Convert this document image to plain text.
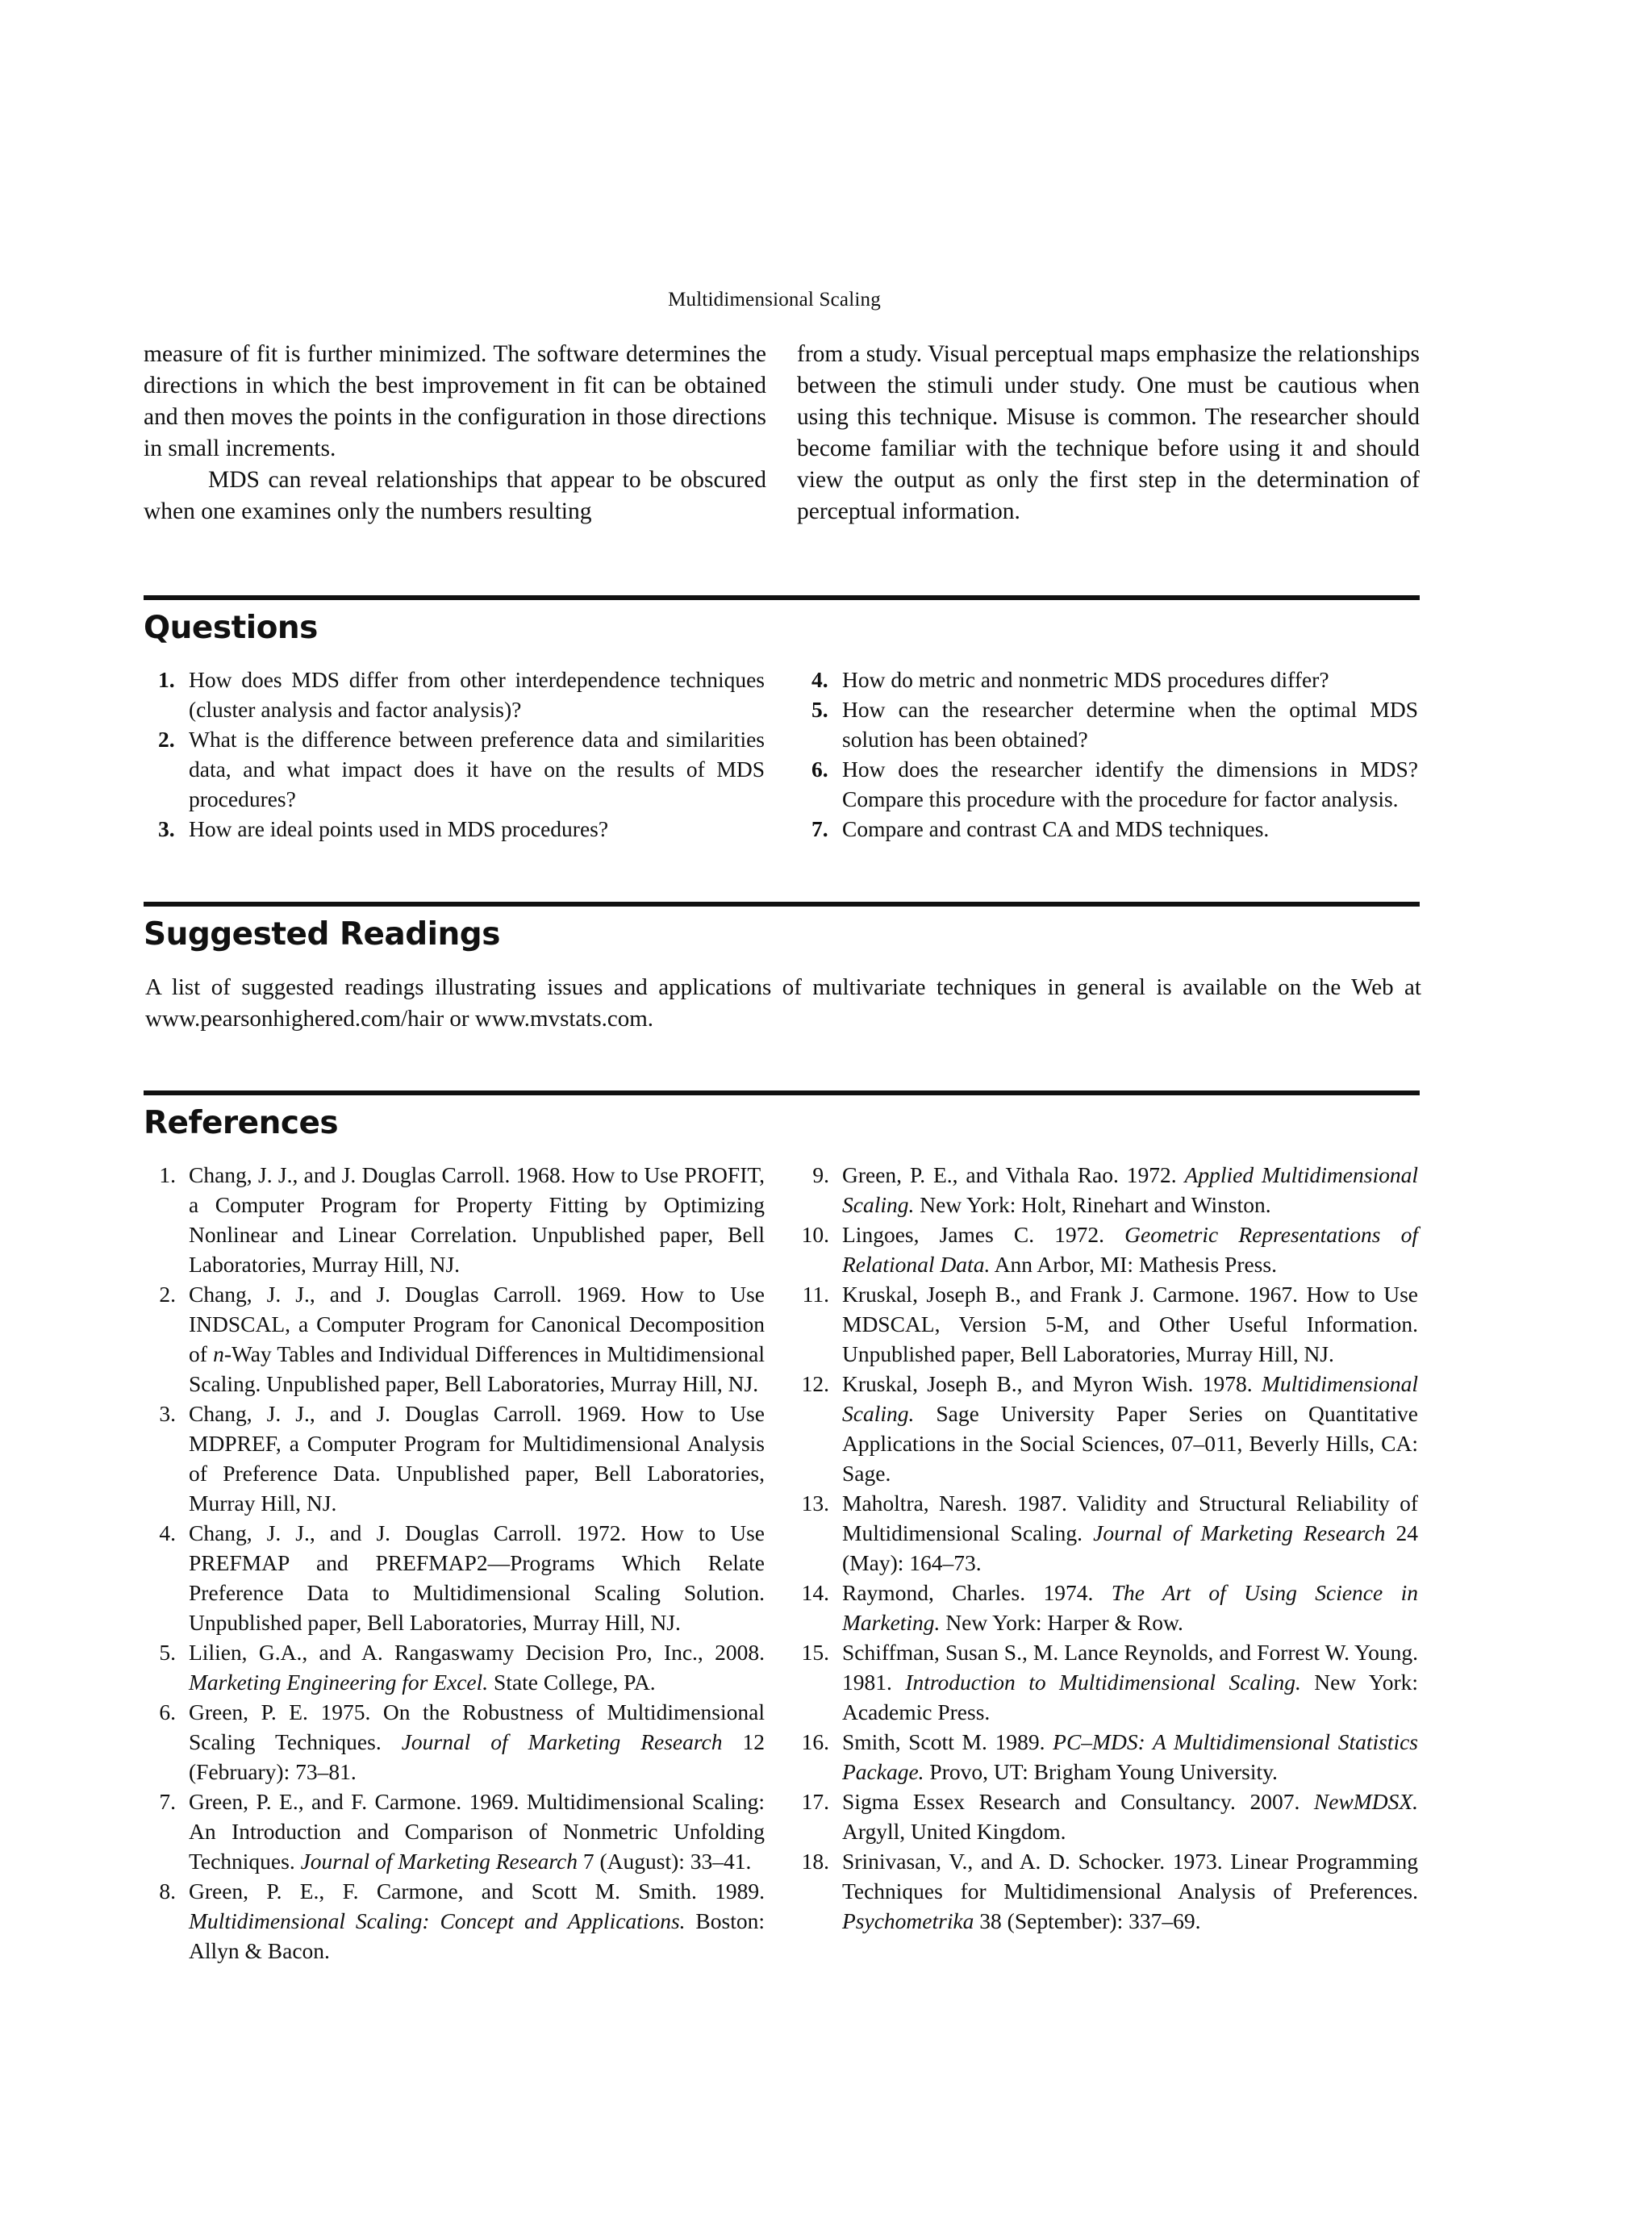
Multidimensional Scaling

measure of fit is further minimized. The software determines the directions in which the best improvement in fit can be obtained and then moves the points in the configuration in those directions in small increments.

MDS can reveal relationships that appear to be obscured when one examines only the numbers resulting

from a study. Visual perceptual maps emphasize the relationships between the stimuli under study. One must be cautious when using this technique. Misuse is common. The researcher should become familiar with the technique before using it and should view the output as only the first step in the determination of perceptual information.

Questions
1. How does MDS differ from other interdependence techniques (cluster analysis and factor analysis)?
2. What is the difference between preference data and similarities data, and what impact does it have on the results of MDS procedures?
3. How are ideal points used in MDS procedures?
4. How do metric and nonmetric MDS procedures differ?
5. How can the researcher determine when the optimal MDS solution has been obtained?
6. How does the researcher identify the dimensions in MDS? Compare this procedure with the procedure for factor analysis.
7. Compare and contrast CA and MDS techniques.
Suggested Readings
A list of suggested readings illustrating issues and applications of multivariate techniques in general is available on the Web at www.pearsonhighered.com/hair or www.mvstats.com.
References
1. Chang, J. J., and J. Douglas Carroll. 1968. How to Use PROFIT, a Computer Program for Property Fitting by Optimizing Nonlinear and Linear Correlation. Unpublished paper, Bell Laboratories, Murray Hill, NJ.
2. Chang, J. J., and J. Douglas Carroll. 1969. How to Use INDSCAL, a Computer Program for Canonical Decomposition of n-Way Tables and Individual Differences in Multidimensional Scaling. Unpublished paper, Bell Laboratories, Murray Hill, NJ.
3. Chang, J. J., and J. Douglas Carroll. 1969. How to Use MDPREF, a Computer Program for Multidimensional Analysis of Preference Data. Unpublished paper, Bell Laboratories, Murray Hill, NJ.
4. Chang, J. J., and J. Douglas Carroll. 1972. How to Use PREFMAP and PREFMAP2—Programs Which Relate Preference Data to Multidimensional Scaling Solution. Unpublished paper, Bell Laboratories, Murray Hill, NJ.
5. Lilien, G.A., and A. Rangaswamy Decision Pro, Inc., 2008. Marketing Engineering for Excel. State College, PA.
6. Green, P. E. 1975. On the Robustness of Multidimensional Scaling Techniques. Journal of Marketing Research 12 (February): 73–81.
7. Green, P. E., and F. Carmone. 1969. Multidimensional Scaling: An Introduction and Comparison of Nonmetric Unfolding Techniques. Journal of Marketing Research 7 (August): 33–41.
8. Green, P. E., F. Carmone, and Scott M. Smith. 1989. Multidimensional Scaling: Concept and Applications. Boston: Allyn & Bacon.
9. Green, P. E., and Vithala Rao. 1972. Applied Multidimensional Scaling. New York: Holt, Rinehart and Winston.
10. Lingoes, James C. 1972. Geometric Representations of Relational Data. Ann Arbor, MI: Mathesis Press.
11. Kruskal, Joseph B., and Frank J. Carmone. 1967. How to Use MDSCAL, Version 5-M, and Other Useful Information. Unpublished paper, Bell Laboratories, Murray Hill, NJ.
12. Kruskal, Joseph B., and Myron Wish. 1978. Multidimensional Scaling. Sage University Paper Series on Quantitative Applications in the Social Sciences, 07–011, Beverly Hills, CA: Sage.
13. Maholtra, Naresh. 1987. Validity and Structural Reliability of Multidimensional Scaling. Journal of Marketing Research 24 (May): 164–73.
14. Raymond, Charles. 1974. The Art of Using Science in Marketing. New York: Harper & Row.
15. Schiffman, Susan S., M. Lance Reynolds, and Forrest W. Young. 1981. Introduction to Multidimensional Scaling. New York: Academic Press.
16. Smith, Scott M. 1989. PC–MDS: A Multidimensional Statistics Package. Provo, UT: Brigham Young University.
17. Sigma Essex Research and Consultancy. 2007. NewMDSX. Argyll, United Kingdom.
18. Srinivasan, V., and A. D. Schocker. 1973. Linear Programming Techniques for Multidimensional Analysis of Preferences. Psychometrika 38 (September): 337–69.
